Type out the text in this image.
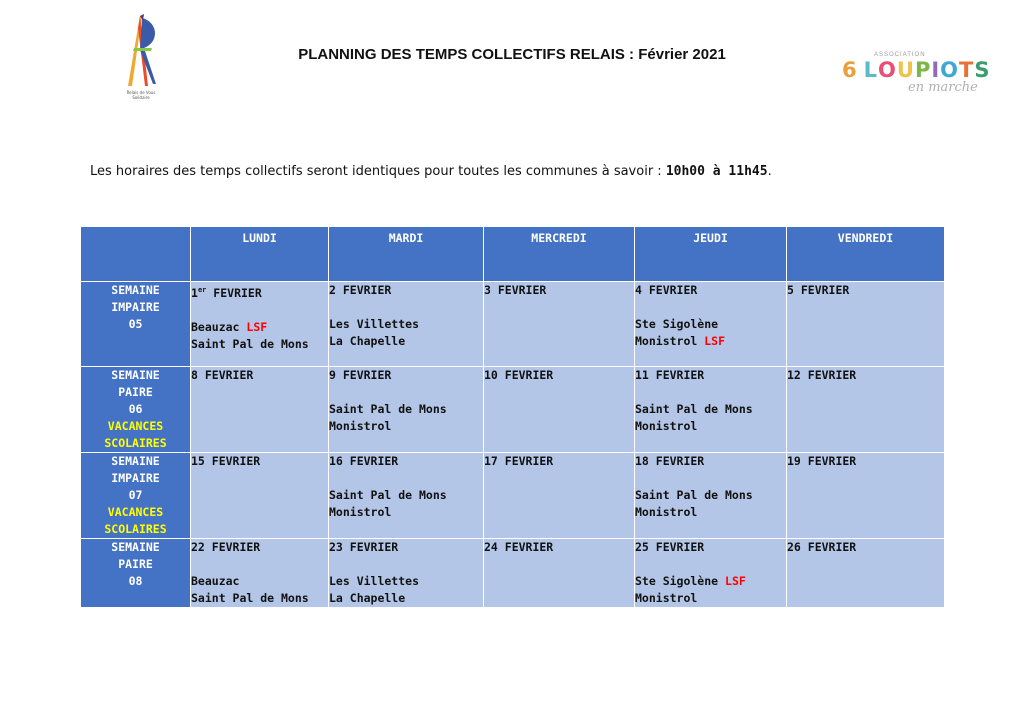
Relais de Vous Solidaire
PLANNING DES TEMPS COLLECTIFS RELAIS : Février 2021	ASSOCIATION
6 LOUPIOTS
en marche
Les horaires des temps collectifs seront identiques pour toutes les communes à savoir : 10h00 à 11h45.
	LUNDI	MARDI	MERCREDI	JEUDI	VENDREDI

SEMAINE
IMPAIRE
05	1er FEVRIER
Beauzac LSF
Saint Pal de Mons	2 FEVRIER
Les Villettes
La Chapelle	3 FEVRIER	4 FEVRIER
Ste Sigolène
Monistrol LSF	5 FEVRIER

SEMAINE
PAIRE
06
VACANCES
SCOLAIRES	8 FEVRIER	9 FEVRIER
Saint Pal de Mons
Monistrol	10 FEVRIER	11 FEVRIER
Saint Pal de Mons
Monistrol	12 FEVRIER

SEMAINE
IMPAIRE
07
VACANCES
SCOLAIRES	15 FEVRIER	16 FEVRIER
Saint Pal de Mons
Monistrol	17 FEVRIER	18 FEVRIER
Saint Pal de Mons
Monistrol	19 FEVRIER

SEMAINE
PAIRE
08	22 FEVRIER
Beauzac
Saint Pal de Mons	23 FEVRIER
Les Villettes
La Chapelle	24 FEVRIER	25 FEVRIER
Ste Sigolène LSF
Monistrol	26 FEVRIER
